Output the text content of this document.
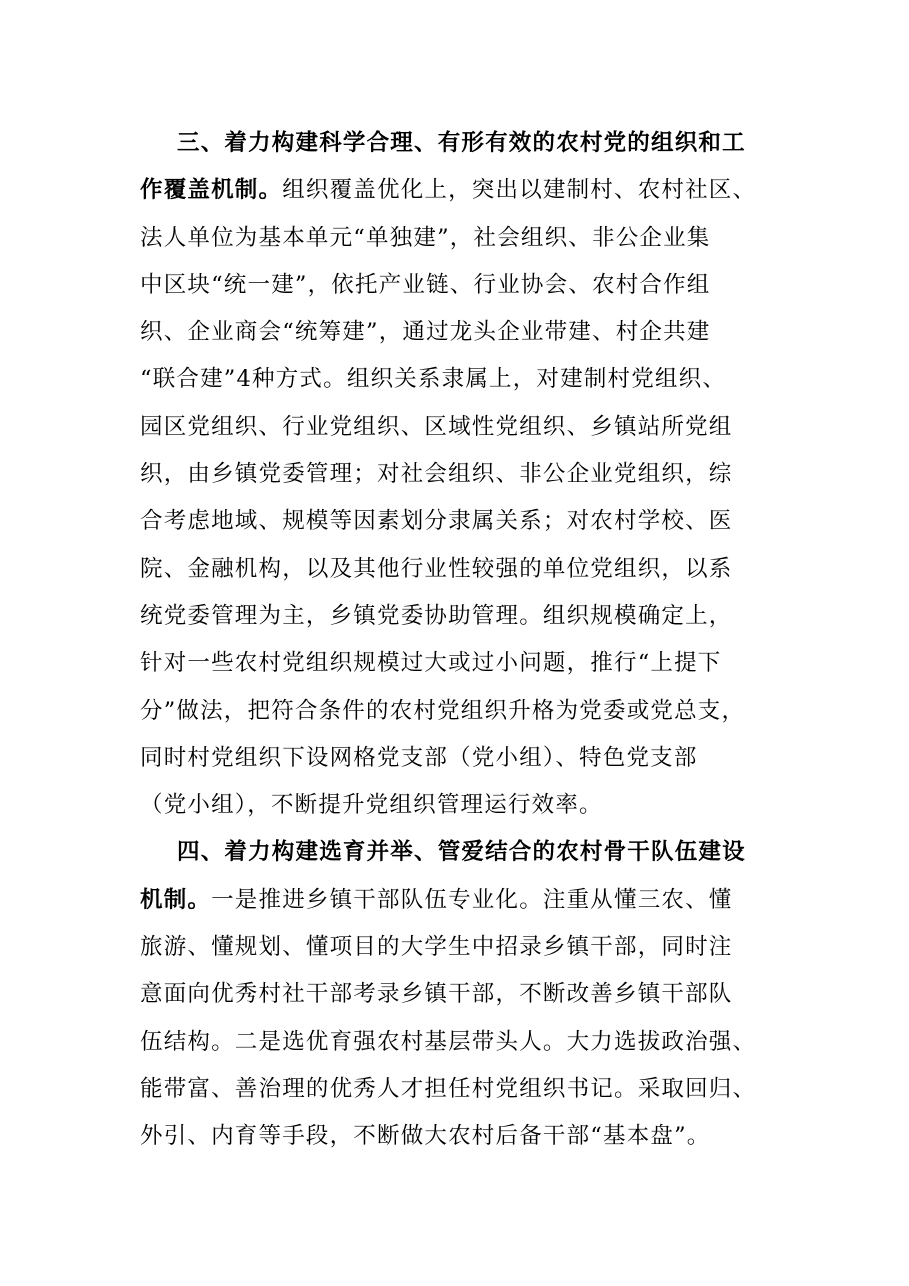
三、着力构建科学合理、有形有效的农村党的组织和工
作覆盖机制。组织覆盖优化上，突出以建制村、农村社区、
法人单位为基本单元“单独建”，社会组织、非公企业集
中区块“统一建”，依托产业链、行业协会、农村合作组
织、企业商会“统筹建”，通过龙头企业带建、村企共建
“联合建”4种方式。组织关系隶属上，对建制村党组织、
园区党组织、行业党组织、区域性党组织、乡镇站所党组
织，由乡镇党委管理；对社会组织、非公企业党组织，综
合考虑地域、规模等因素划分隶属关系；对农村学校、医
院、金融机构，以及其他行业性较强的单位党组织，以系
统党委管理为主，乡镇党委协助管理。组织规模确定上，
针对一些农村党组织规模过大或过小问题，推行“上提下
分”做法，把符合条件的农村党组织升格为党委或党总支，
同时村党组织下设网格党支部（党小组）、特色党支部
（党小组），不断提升党组织管理运行效率。
四、着力构建选育并举、管爱结合的农村骨干队伍建设
机制。一是推进乡镇干部队伍专业化。注重从懂三农、懂
旅游、懂规划、懂项目的大学生中招录乡镇干部，同时注
意面向优秀村社干部考录乡镇干部，不断改善乡镇干部队
伍结构。二是选优育强农村基层带头人。大力选拔政治强、
能带富、善治理的优秀人才担任村党组织书记。采取回归、
外引、内育等手段，不断做大农村后备干部“基本盘”。
